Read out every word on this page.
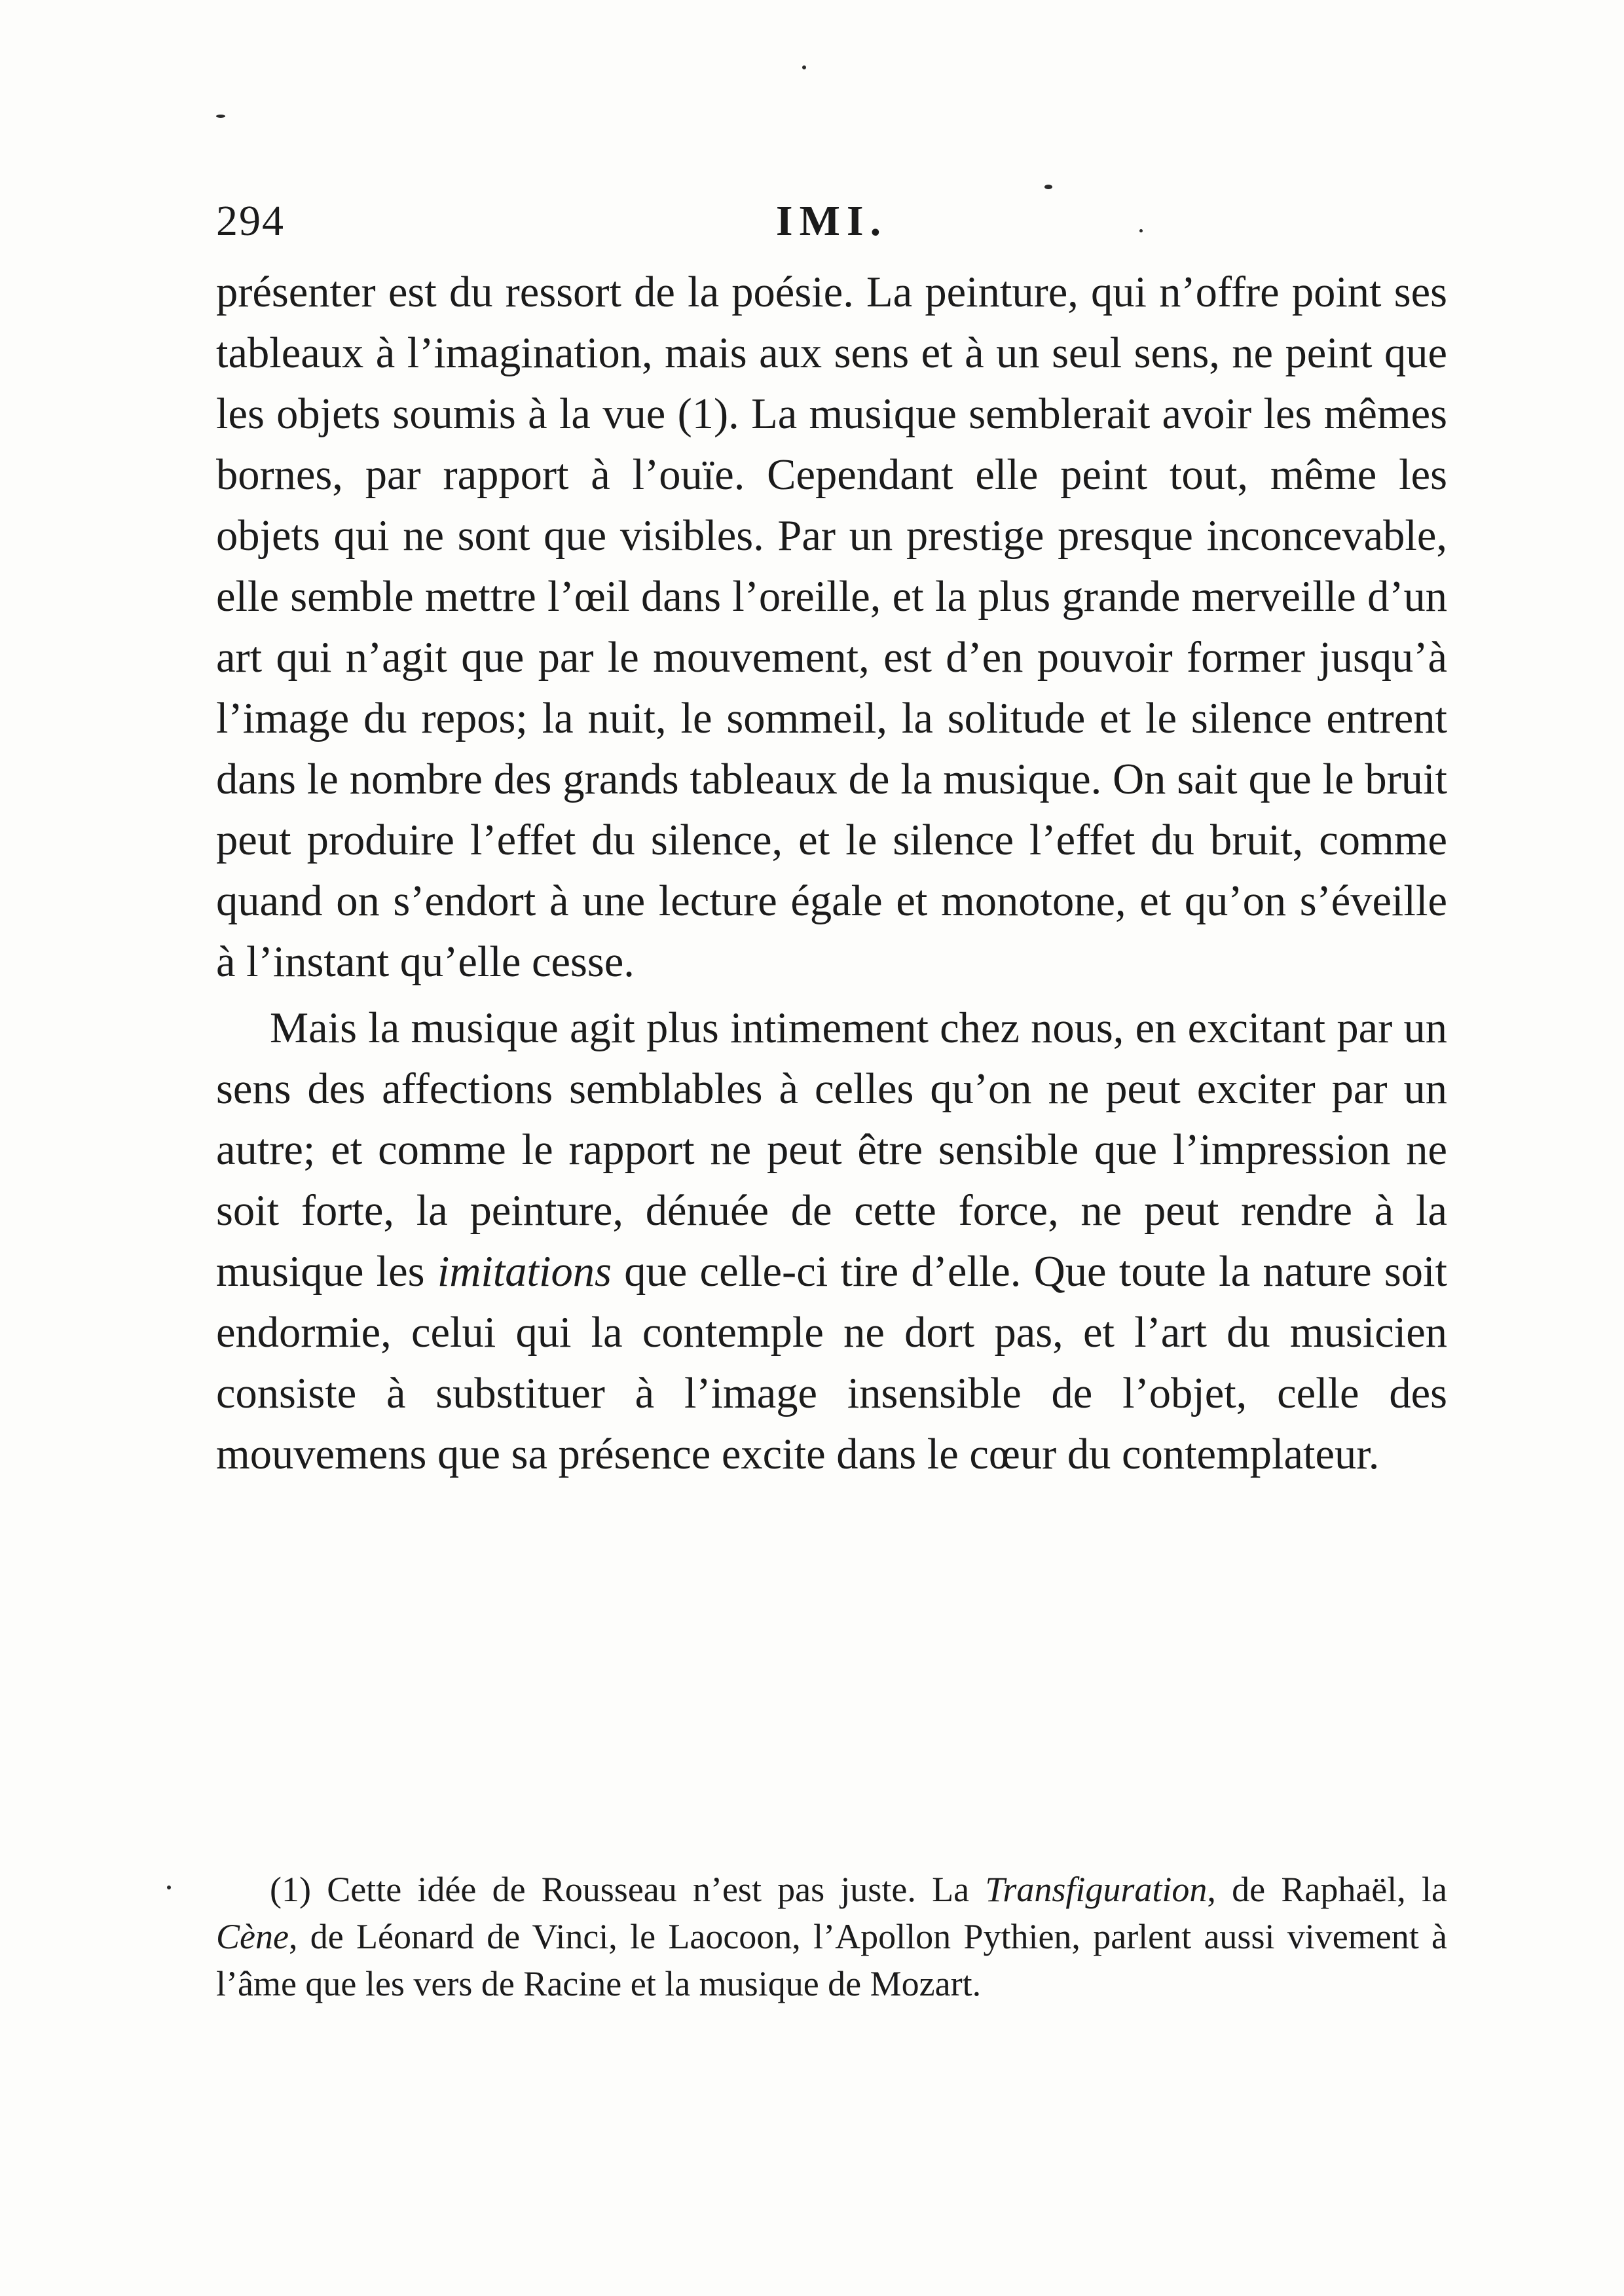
294	IMI.

présenter est du ressort de la poésie. La peinture, qui n’offre point ses tableaux à l’imagination, mais aux sens et à un seul sens, ne peint que les objets soumis à la vue (1). La musique semblerait avoir les mêmes bornes, par rapport à l’ouïe. Cependant elle peint tout, même les objets qui ne sont que visibles. Par un prestige presque inconcevable, elle semble mettre l’œil dans l’oreille, et la plus grande merveille d’un art qui n’agit que par le mouvement, est d’en pouvoir former jusqu’à l’image du repos; la nuit, le sommeil, la solitude et le silence entrent dans le nombre des grands tableaux de la musique. On sait que le bruit peut produire l’effet du silence, et le silence l’effet du bruit, comme quand on s’endort à une lecture égale et monotone, et qu’on s’éveille à l’instant qu’elle cesse.

Mais la musique agit plus intimement chez nous, en excitant par un sens des affections semblables à celles qu’on ne peut exciter par un autre; et comme le rapport ne peut être sensible que l’impression ne soit forte, la peinture, dénuée de cette force, ne peut rendre à la musique les imitations que celle-ci tire d’elle. Que toute la nature soit endormie, celui qui la contemple ne dort pas, et l’art du musicien consiste à substituer à l’image insensible de l’objet, celle des mouvemens que sa présence excite dans le cœur du contemplateur.

(1) Cette idée de Rousseau n’est pas juste. La Transfiguration, de Raphaël, la Cène, de Léonard de Vinci, le Laocoon, l’Apollon Pythien, parlent aussi vivement à l’âme que les vers de Racine et la musique de Mozart.
